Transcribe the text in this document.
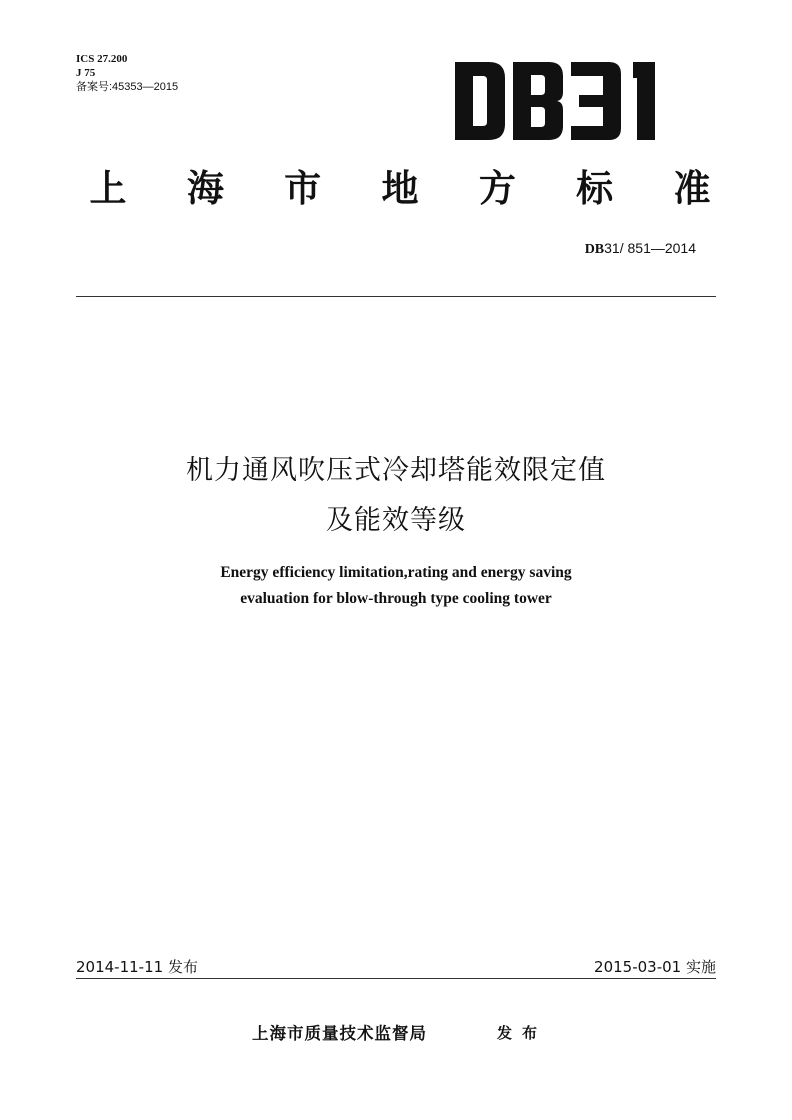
ICS 27.200
J 75
备案号:45353—2015
上 海 市 地 方 标 准
DB31/ 851—2014
机力通风吹压式冷却塔能效限定值
及能效等级
Energy efficiency limitation,rating and energy saving
evaluation for blow-through type cooling tower
2014-11-11 发布	2015-03-01 实施
上海市质量技术监督局	发布
